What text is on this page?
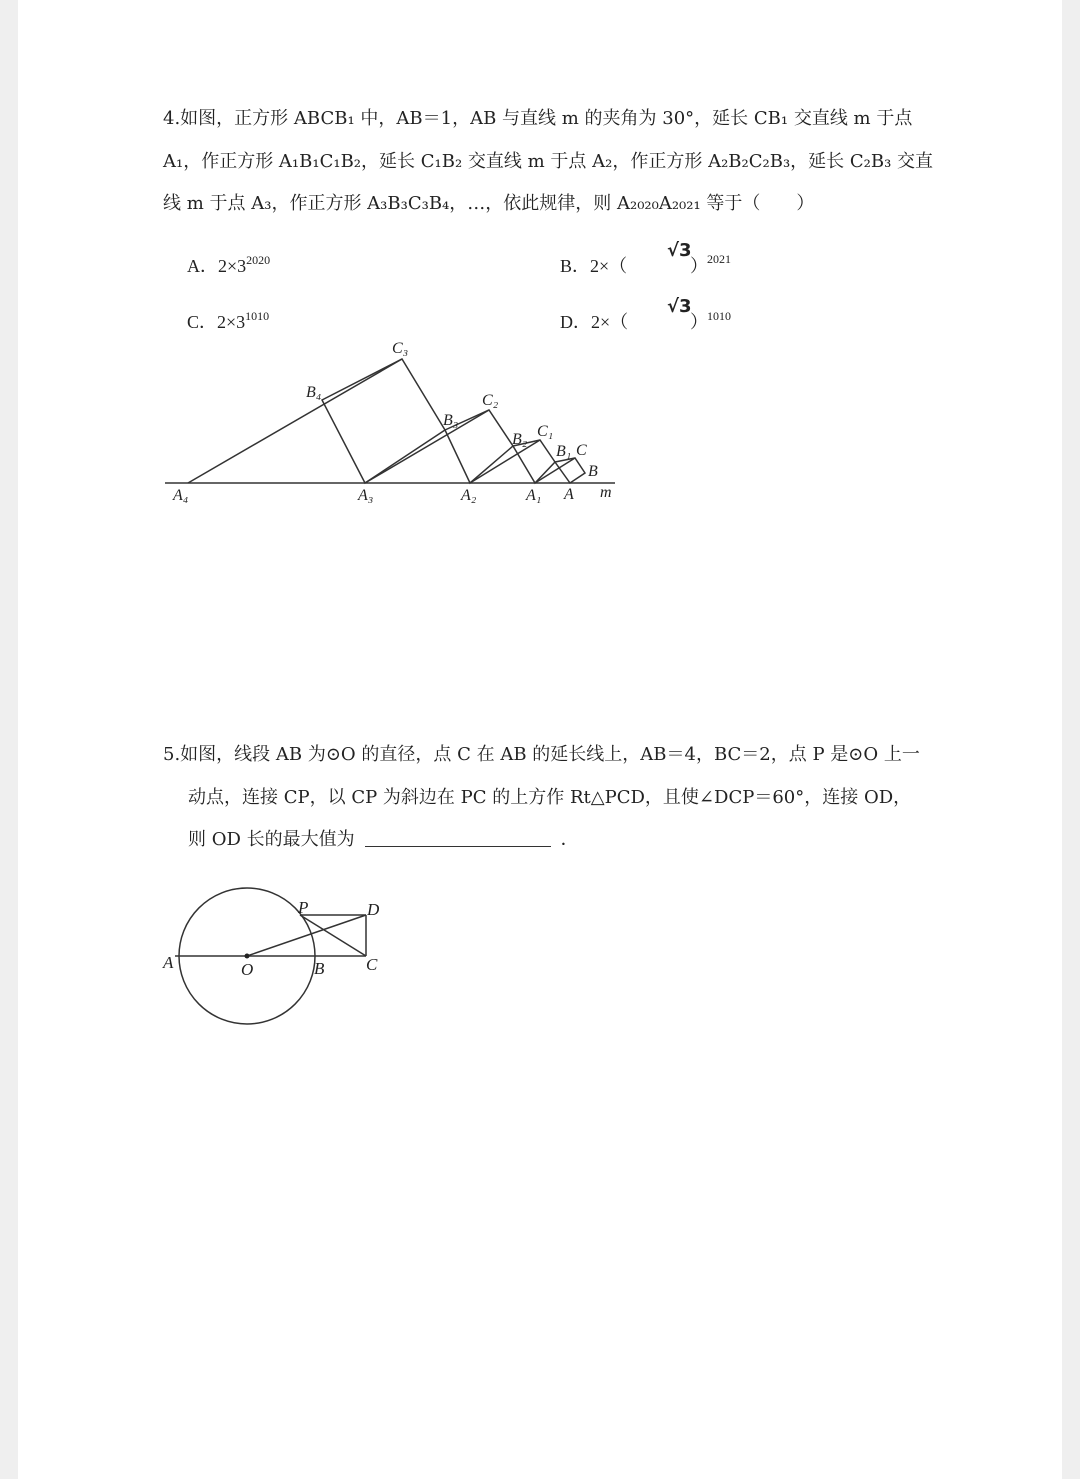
4.如图，正方形 ABCB₁ 中，AB＝1，AB 与直线 m 的夹角为 30°，延长 CB₁ 交直线 m 于点
A₁，作正方形 A₁B₁C₁B₂，延长 C₁B₂ 交直线 m 于点 A₂，作正方形 A₂B₂C₂B₃，延长 C₂B₃ 交直
线 m 于点 A₃，作正方形 A₃B₃C₃B₄，…，依此规律，则 A₂₀₂₀A₂₀₂₁ 等于（　　）
A．$2\times 3^{2020}$	B．2×（
√3
） 2021
C．$2\times 3^{1010}$	D．2×（
√3
） 1010
C₃
B₄
B₃
C₂
B₂ C₁
B₁ C
B
A₄	A₃	A₂	A₁ A m
5.如图，线段 AB 为⊙O 的直径，点 C 在 AB 的延长线上，AB＝4，BC＝2，点 P 是⊙O 上一
动点，连接 CP，以 CP 为斜边在 PC 的上方作 Rt△PCD，且使∠DCP＝60°，连接 OD，
则 OD 长的最大值为	．
P	D
A	O	B C
